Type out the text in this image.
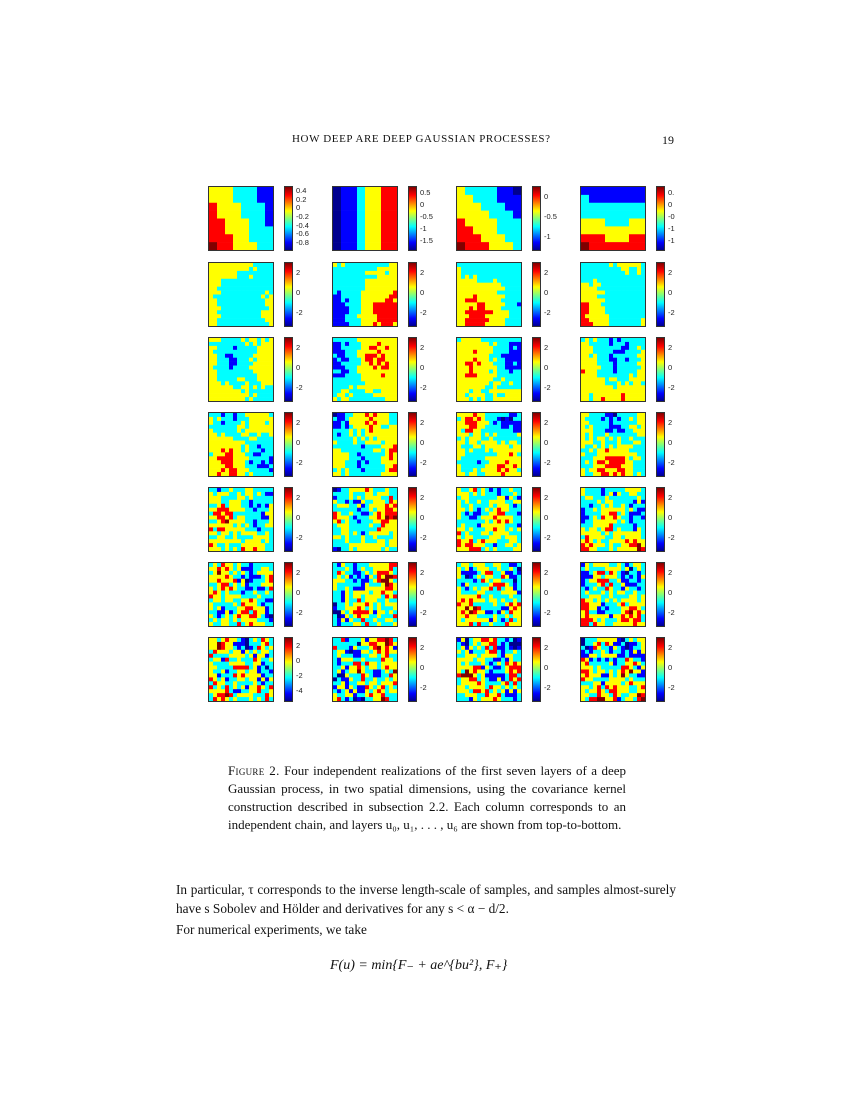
HOW DEEP ARE DEEP GAUSSIAN PROCESSES?	19
0.4
0.2
0
-0.2
-0.4
-0.6
-0.8
0.5
0
-0.5
-1
-1.5
0
-0.5
-1
0.
0
-0
-1
-1
2
0
-2
2
0
-2
2
0
-2
2
0
-2
2
0
-2
2
0
-2
2
0
-2
2
0
-2
2
0
-2
2
0
-2
2
0
-2
2
0
-2
2
0
-2
2
0
-2
2
0
-2
2
0
-2
2
0
-2
2
0
-2
2
0
-2
2
0
-2
2
0
-2
-4
2
0
-2
2
0
-2
2
0
-2
Figure 2. Four independent realizations of the first seven layers of a deep Gaussian process, in two spatial dimensions, using the covariance kernel construction described in subsection 2.2. Each column corresponds to an independent chain, and layers u₀, u₁, . . . , u₆ are shown from top-to-bottom.
In particular, τ corresponds to the inverse length-scale of samples, and samples almost-surely have s Sobolev and Hölder and derivatives for any s < α − d/2.
For numerical experiments, we take
F(u) = min{F₋ + ae^{bu²}, F₊}
